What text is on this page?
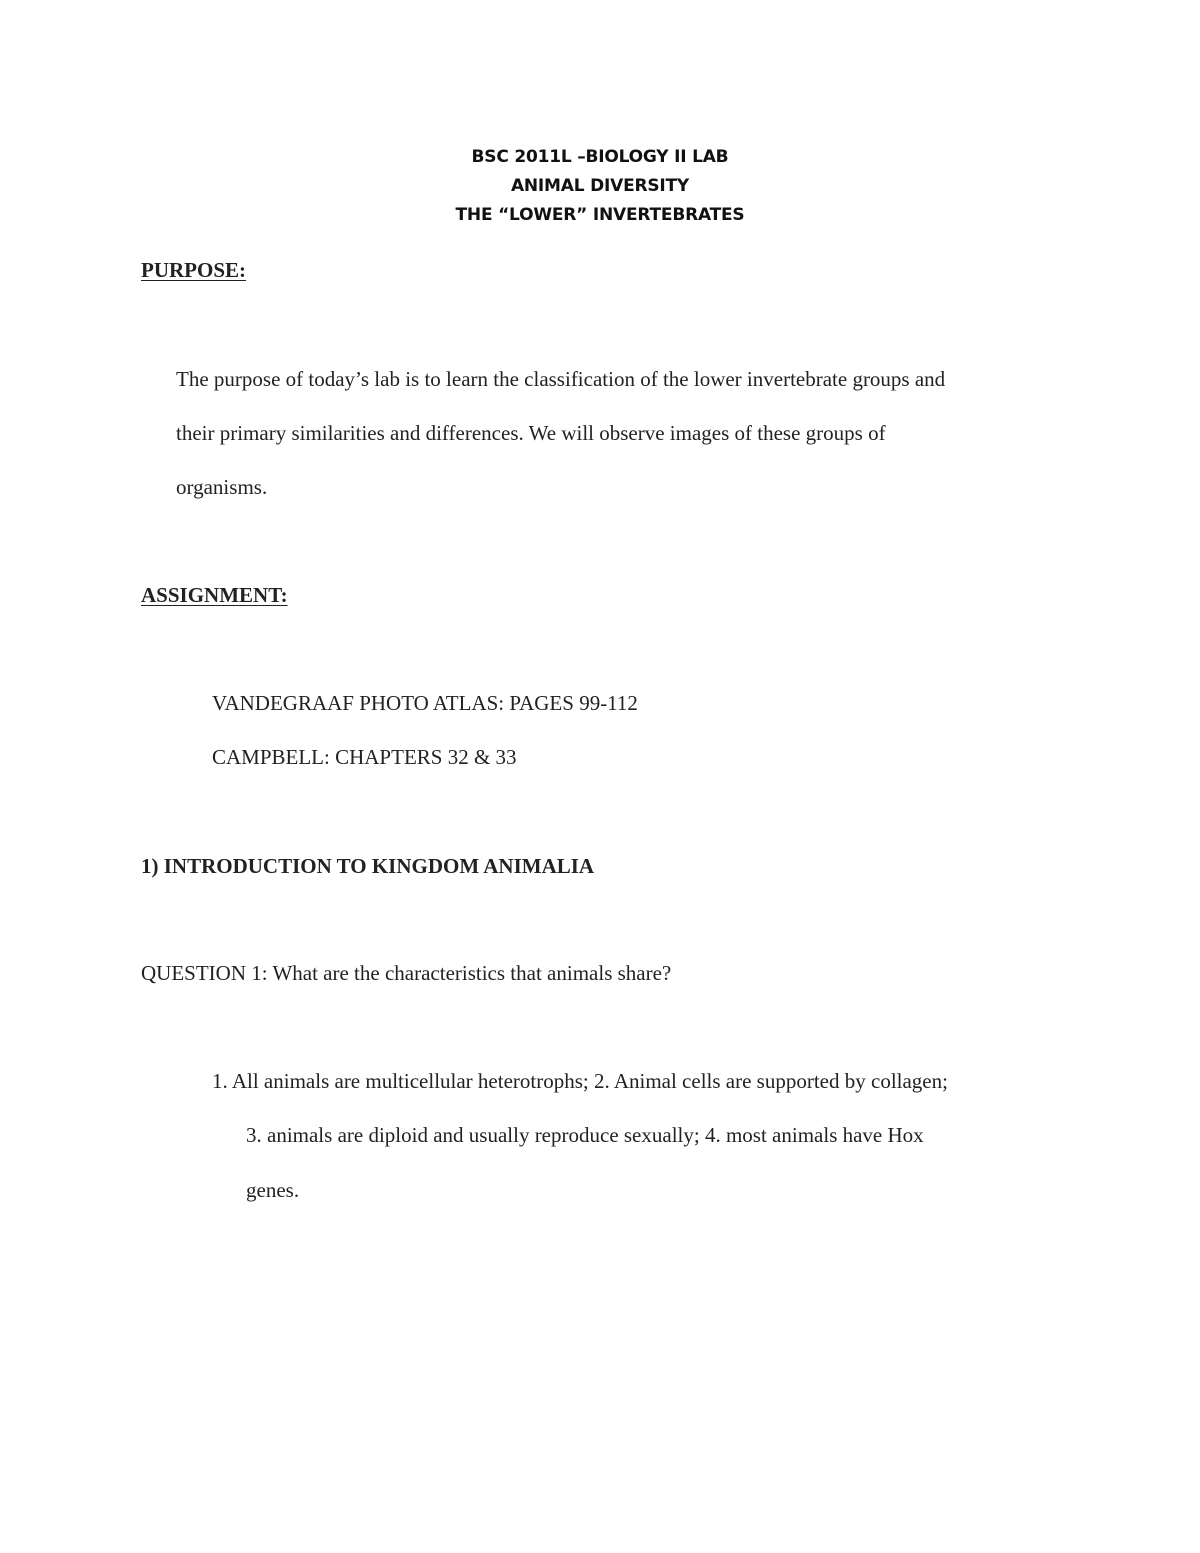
BSC 2011L –BIOLOGY II LAB
ANIMAL DIVERSITY
THE “LOWER” INVERTEBRATES
PURPOSE:
The purpose of today’s lab is to learn the classification of the lower invertebrate groups and
their primary similarities and differences. We will observe images of these groups of
organisms.
ASSIGNMENT:
VANDEGRAAF PHOTO ATLAS: PAGES 99-112
CAMPBELL: CHAPTERS 32 & 33
1) INTRODUCTION TO KINGDOM ANIMALIA
QUESTION 1: What are the characteristics that animals share?
1. All animals are multicellular heterotrophs; 2. Animal cells are supported by collagen;
3. animals are diploid and usually reproduce sexually; 4. most animals have Hox
genes.
